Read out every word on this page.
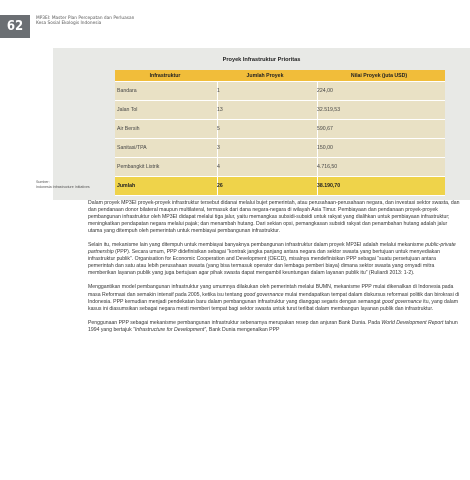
62
MP3EI: Master Plan Percepatan dan Perluasan
Kesa Sosial Ekologis Indonesia
Proyek Infrastruktur Prioritas
Infrastruktur	Jumlah Proyek	Nilai Proyek (juta USD)
Bandara	1	224,00
Jalan Tol	13	32.519,53
Air Bersih	5	590,67
Sanitasi/TPA	3	150,00
Pembangkit Listrik	4	4.716,50
Jumlah	26	38.190,70
Sumber:
Indonesia Infrastructure Initiatives

Dalam proyek MP3EI proyek-proyek infrastruktur tersebut didanai melalui bujet pemerintah, atau perusahaan-perusahaan negara, dan investasi sektor swasta, dan dan pendanaan donor bilateral maupun multilateral, termasuk dari dana negara-negara di wilayah Asia Timur. Pembiayaan dan pendanaan proyek-proyek pembangunan infrastruktur oleh MP3EI didapat melalui tiga jalur, yaitu memangkas subsidi-subsidi untuk rakyat yang dialihkan untuk pembiayaan infrastruktur; meningkatkan pendapatan negara melalui pajak; dan menambah hutang. Dari sekian opsi, pemangkasan subsidi rakyat dan penambahan hutang adalah jalur utama yang ditempuh oleh pemerintah untuk membiayai pembangunan infrastruktur.

Selain itu, mekanisme lain yang ditempuh untuk membiayai banyaknya pembangunan infrastruktur dalam proyek MP3EI adalah melalui mekanisme public-private partnership (PPP). Secara umum, PPP didefinisikan sebagai “kontrak jangka panjang antara negara dan sektor swasta yang bertujuan untuk menyediakan infrastruktur publik”. Organisation for Economic Cooperation and Development (OECD), misalnya mendefinisikan PPP sebagai “suatu persetujuan antara pemerintah dan satu atau lebih perusahaan swasta (yang bisa termasuk operator dan lembaga pemberi biaya) dimana sektor swasta yang ornyadi mitra memberikan layanan publik yang juga bertujuan agar pihak swasta dapat mengambil keuntungan dalam layanan publik itu” (Ruliardi 2013: 1-2).

Menggantikan model pembangunan infrastruktur yang umumnya dilakukan oleh pemerintah melalui BUMN, mekanisme PPP mulai dikenalkan di Indonesia pada masa Reformasi dan semakin intensif pada 2005, ketika isu tentang good governance mulai mendapatkan tempat dalam diskursus reformasi politik dan birokrasi di Indonesia. PPP kemudian menjadi pendekatan baru dalam pembangunan infrastruktur yang dianggap segaris dengan semangat good governance itu, yang dalam kasus ini diasumsikan sebagai negara mesti memberi tempat bagi sektor swasta untuk turut terlibat dalam membangun layanan publik dan infrastruktur.

Penggunaan PPP sebagai mekanisme pembangunan infrastruktur sebenarnya merupakan resep dan anjuran Bank Dunia. Pada World Development Report tahun 1994 yang bertajuk “Infrastructure for Development”, Bank Dunia mengenalkan PPP
